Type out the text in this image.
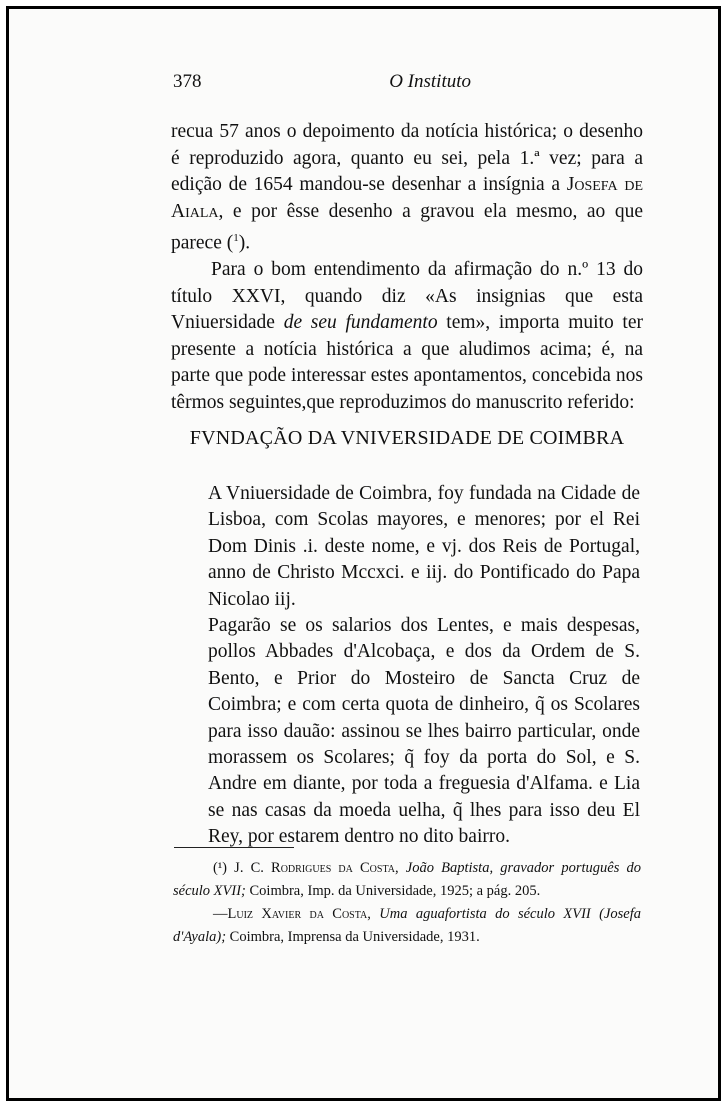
378	O Instituto

recua 57 anos o depoimento da notícia histórica; o desenho é reproduzido agora, quanto eu sei, pela 1.ª vez; para a edição de 1654 mandou-se desenhar a insígnia a Josefa de Aiala, e por êsse desenho a gravou ela mesmo, ao que parece ($^1$).

Para o bom entendimento da afirmação do n.º 13 do título XXVI, quando diz «As insignias que esta Vniuersidade de seu fundamento tem», importa muito ter presente a notícia histórica a que aludimos acima; é, na parte que pode interessar estes apontamentos, concebida nos têrmos seguintes,que reproduzimos do manuscrito referido:

FVNDAÇÃO DA VNIVERSIDADE DE COIMBRA

A Vniuersidade de Coimbra, foy fundada na Cidade de Lisboa, com Scolas mayores, e menores; por el Rei Dom Dinis .i. deste nome, e vj. dos Reis de Portugal, anno de Christo Mccxci. e iij. do Pontificado do Papa Nicolao iij.

Pagarão se os salarios dos Lentes, e mais despesas, pollos Abbades d'Alcobaça, e dos da Ordem de S. Bento, e Prior do Mosteiro de Sancta Cruz de Coimbra; e com certa quota de dinheiro, q̃ os Scolares para isso dauão: assinou se lhes bairro particular, onde morassem os Scolares; q̃ foy da porta do Sol, e S. Andre em diante, por toda a freguesia d'Alfama. e Lia se nas casas da moeda uelha, q̃ lhes para isso deu El Rey, por estarem dentro no dito bairro.

(¹) J. C. Rodrigues da Costa, João Baptista, gravador português do século XVII; Coimbra, Imp. da Universidade, 1925; a pág. 205.

—Luiz Xavier da Costa, Uma aguafortista do século XVII (Josefa d'Ayala); Coimbra, Imprensa da Universidade, 1931.
